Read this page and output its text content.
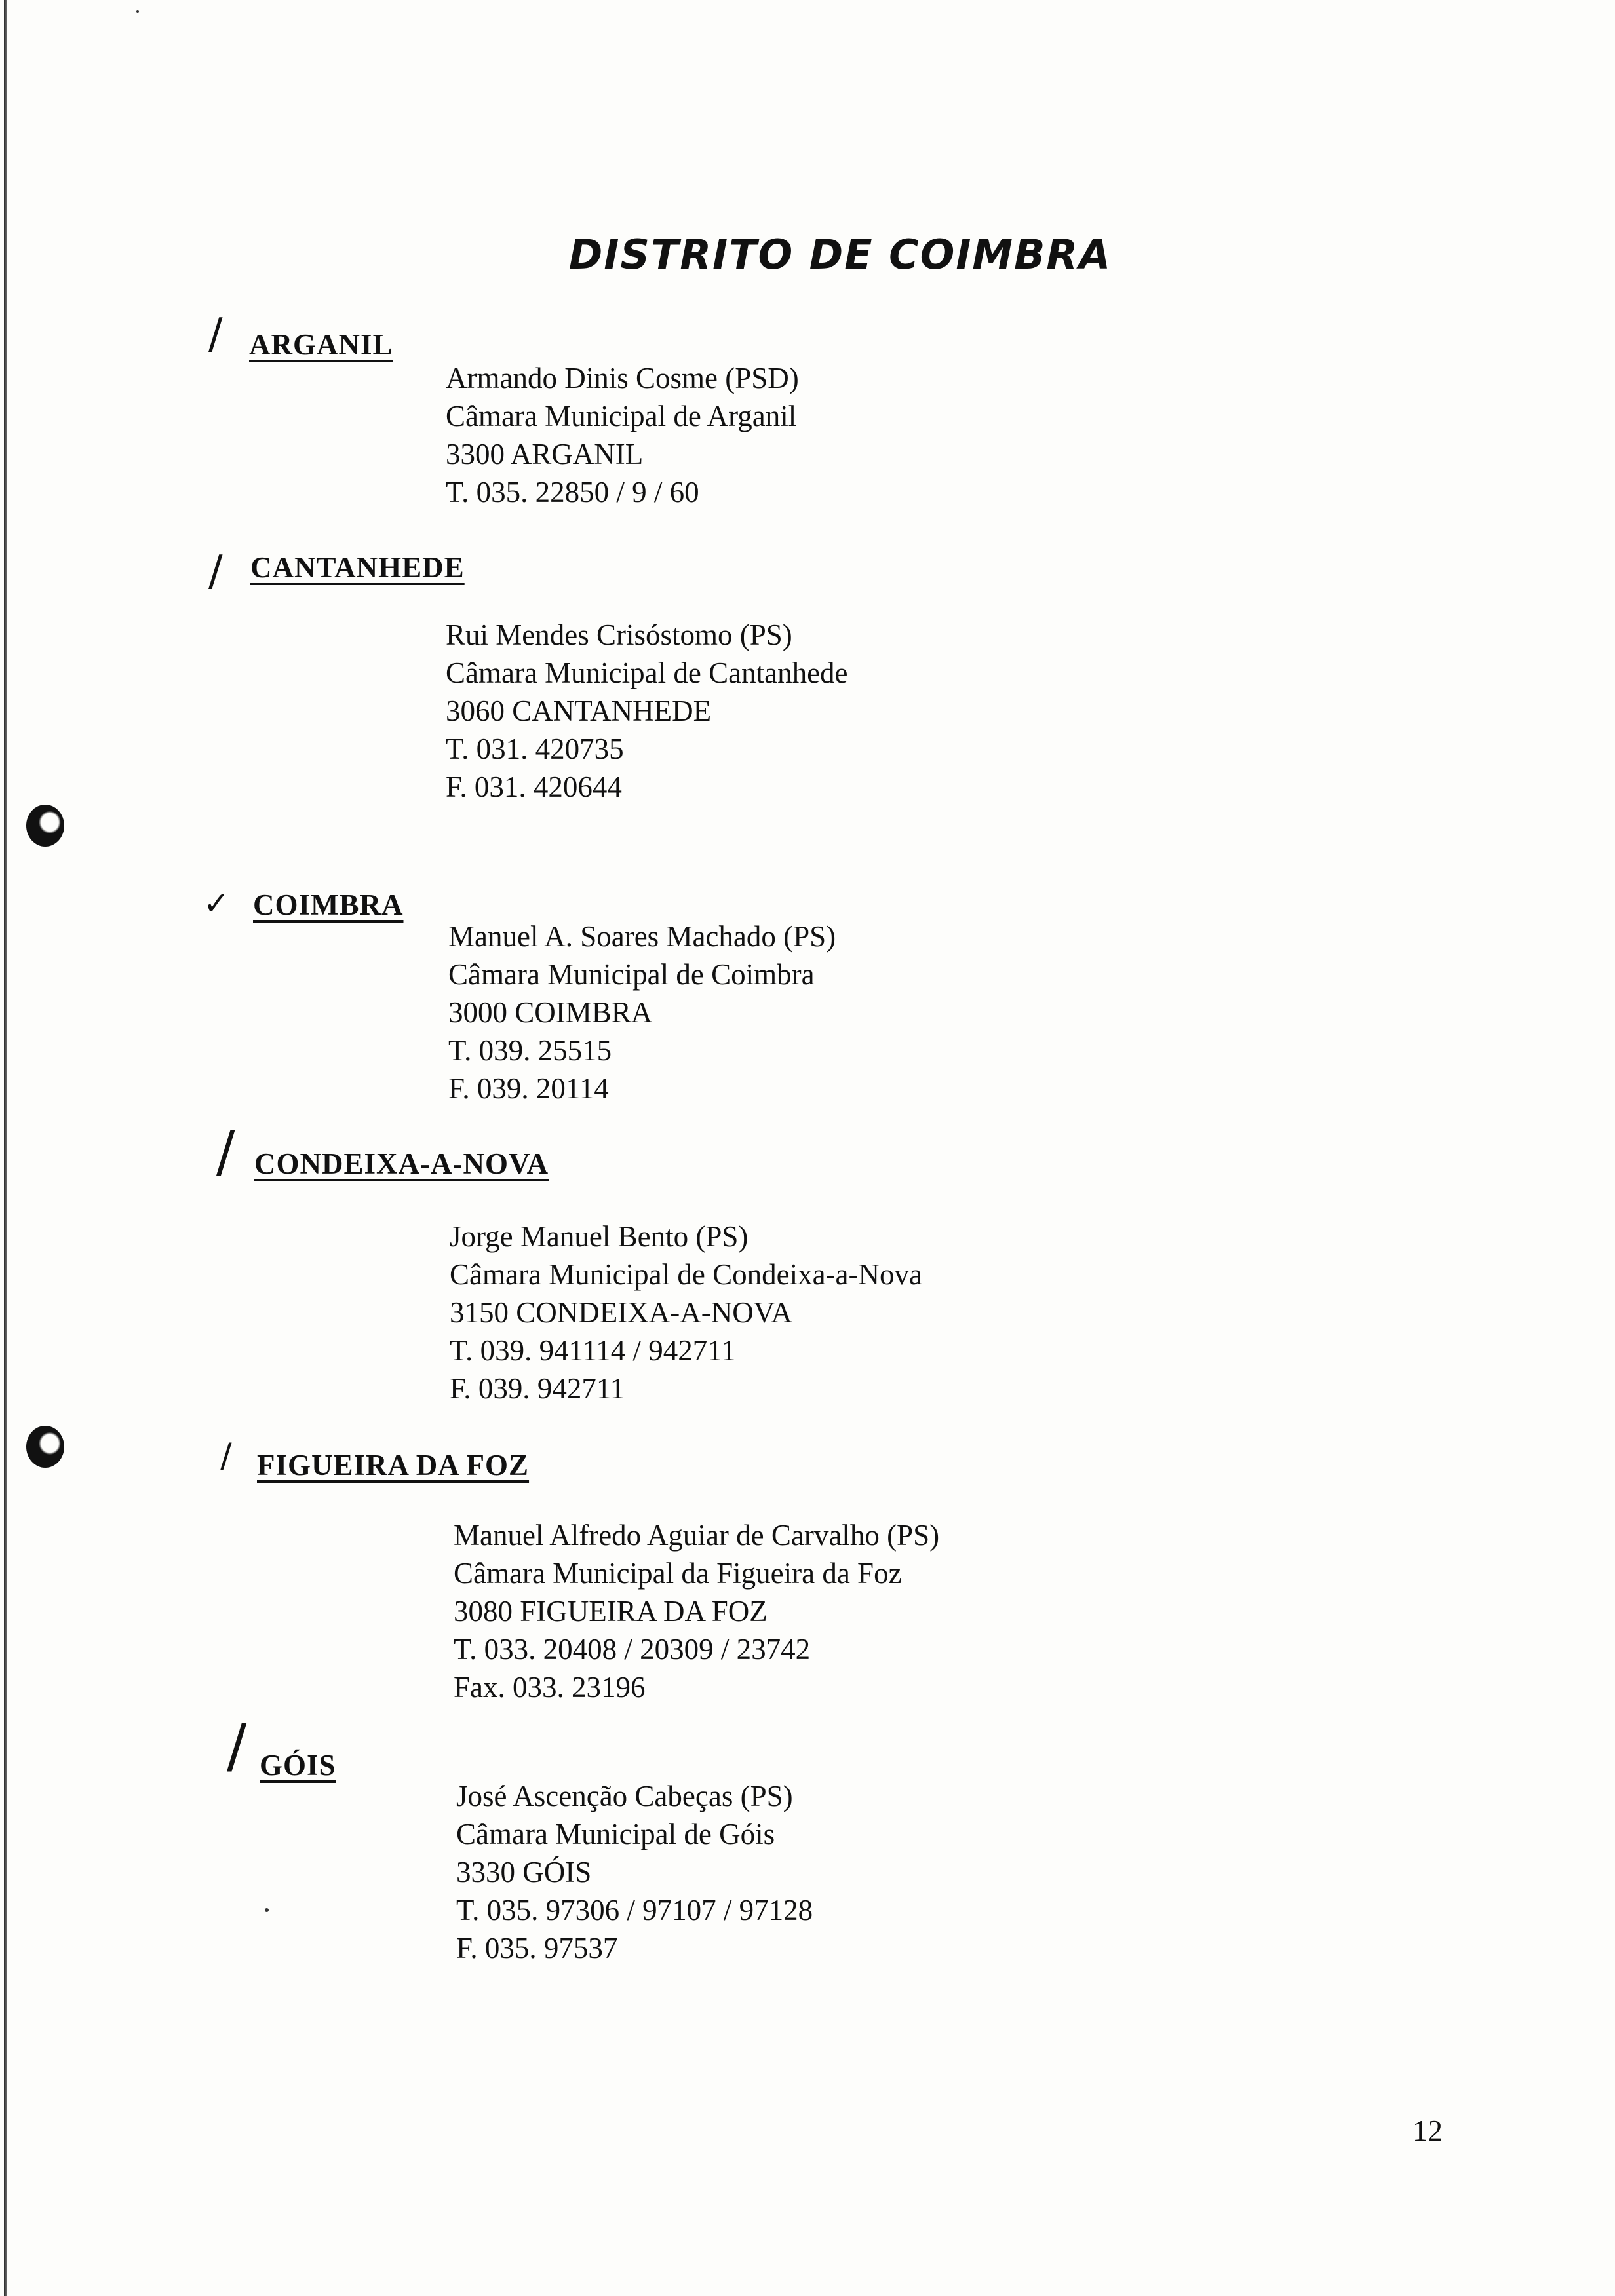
DISTRITO DE COIMBRA
/ ARGANIL
Armando Dinis Cosme (PSD)
Câmara Municipal de Arganil
3300 ARGANIL
T. 035. 22850 / 9 / 60
/ CANTANHEDE
Rui Mendes Crisóstomo (PS)
Câmara Municipal de Cantanhede
3060 CANTANHEDE
T. 031. 420735
F. 031. 420644
✓ COIMBRA
Manuel A. Soares Machado (PS)
Câmara Municipal de Coimbra
3000 COIMBRA
T. 039. 25515
F. 039. 20114
/ CONDEIXA-A-NOVA
Jorge Manuel Bento (PS)
Câmara Municipal de Condeixa-a-Nova
3150 CONDEIXA-A-NOVA
T. 039. 941114 / 942711
F. 039. 942711
/ FIGUEIRA DA FOZ
Manuel Alfredo Aguiar de Carvalho (PS)
Câmara Municipal da Figueira da Foz
3080 FIGUEIRA DA FOZ
T. 033. 20408 / 20309 / 23742
Fax. 033. 23196
/ GÓIS
José Ascenção Cabeças (PS)
Câmara Municipal de Góis
3330 GÓIS
T. 035. 97306 / 97107 / 97128
F. 035. 97537
12
